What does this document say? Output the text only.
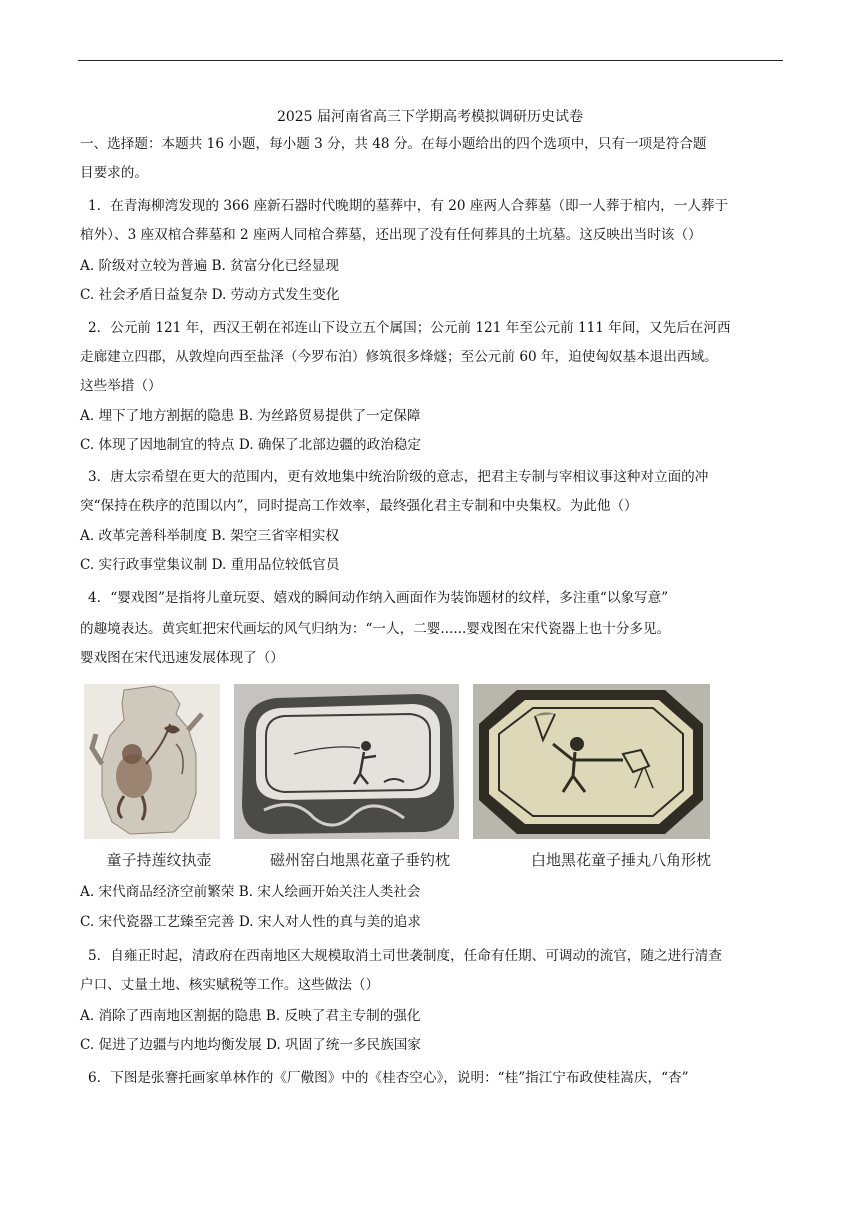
2025 届河南省高三下学期高考模拟调研历史试卷
一、选择题：本题共 16 小题，每小题 3 分，共 48 分。在每小题给出的四个选项中，只有一项是符合题
目要求的。
1．在青海柳湾发现的 366 座新石器时代晚期的墓葬中，有 20 座两人合葬墓（即一人葬于棺内，一人葬于
棺外）、3 座双棺合葬墓和 2 座两人同棺合葬墓，还出现了没有任何葬具的土坑墓。这反映出当时该（）
A. 阶级对立较为普遍 B. 贫富分化已经显现
C. 社会矛盾日益复杂 D. 劳动方式发生变化
2．公元前 121 年，西汉王朝在祁连山下设立五个属国；公元前 121 年至公元前 111 年间，又先后在河西
走廊建立四郡，从敦煌向西至盐泽（今罗布泊）修筑很多烽燧；至公元前 60 年，迫使匈奴基本退出西域。
这些举措（）
A. 埋下了地方割据的隐患 B. 为丝路贸易提供了一定保障
C. 体现了因地制宜的特点 D. 确保了北部边疆的政治稳定
3．唐太宗希望在更大的范围内，更有效地集中统治阶级的意志，把君主专制与宰相议事这种对立面的冲
突“保持在秩序的范围以内”，同时提高工作效率，最终强化君主专制和中央集权。为此他（）
A. 改革完善科举制度 B. 架空三省宰相实权
C. 实行政事堂集议制 D. 重用品位较低官员
4．“婴戏图”是指将儿童玩耍、嬉戏的瞬间动作纳入画面作为装饰题材的纹样，多注重“以象写意”
的趣境表达。黄宾虹把宋代画坛的风气归纳为：“一人，二婴......婴戏图在宋代瓷器上也十分多见。
婴戏图在宋代迅速发展体现了（）
童子持莲纹执壶	磁州窑白地黑花童子垂钓枕	白地黑花童子捶丸八角形枕
A. 宋代商品经济空前繁荣 B. 宋人绘画开始关注人类社会
C. 宋代瓷器工艺臻至完善 D. 宋人对人性的真与美的追求
5．自雍正时起，清政府在西南地区大规模取消土司世袭制度，任命有任期、可调动的流官，随之进行清查
户口、丈量土地、核实赋税等工作。这些做法（）
A. 消除了西南地区割据的隐患 B. 反映了君主专制的强化
C. 促进了边疆与内地均衡发展 D. 巩固了统一多民族国家
6．下图是张謇托画家单林作的《厂儆图》中的《桂杏空心》，说明：“桂”指江宁布政使桂嵩庆，“杏”
